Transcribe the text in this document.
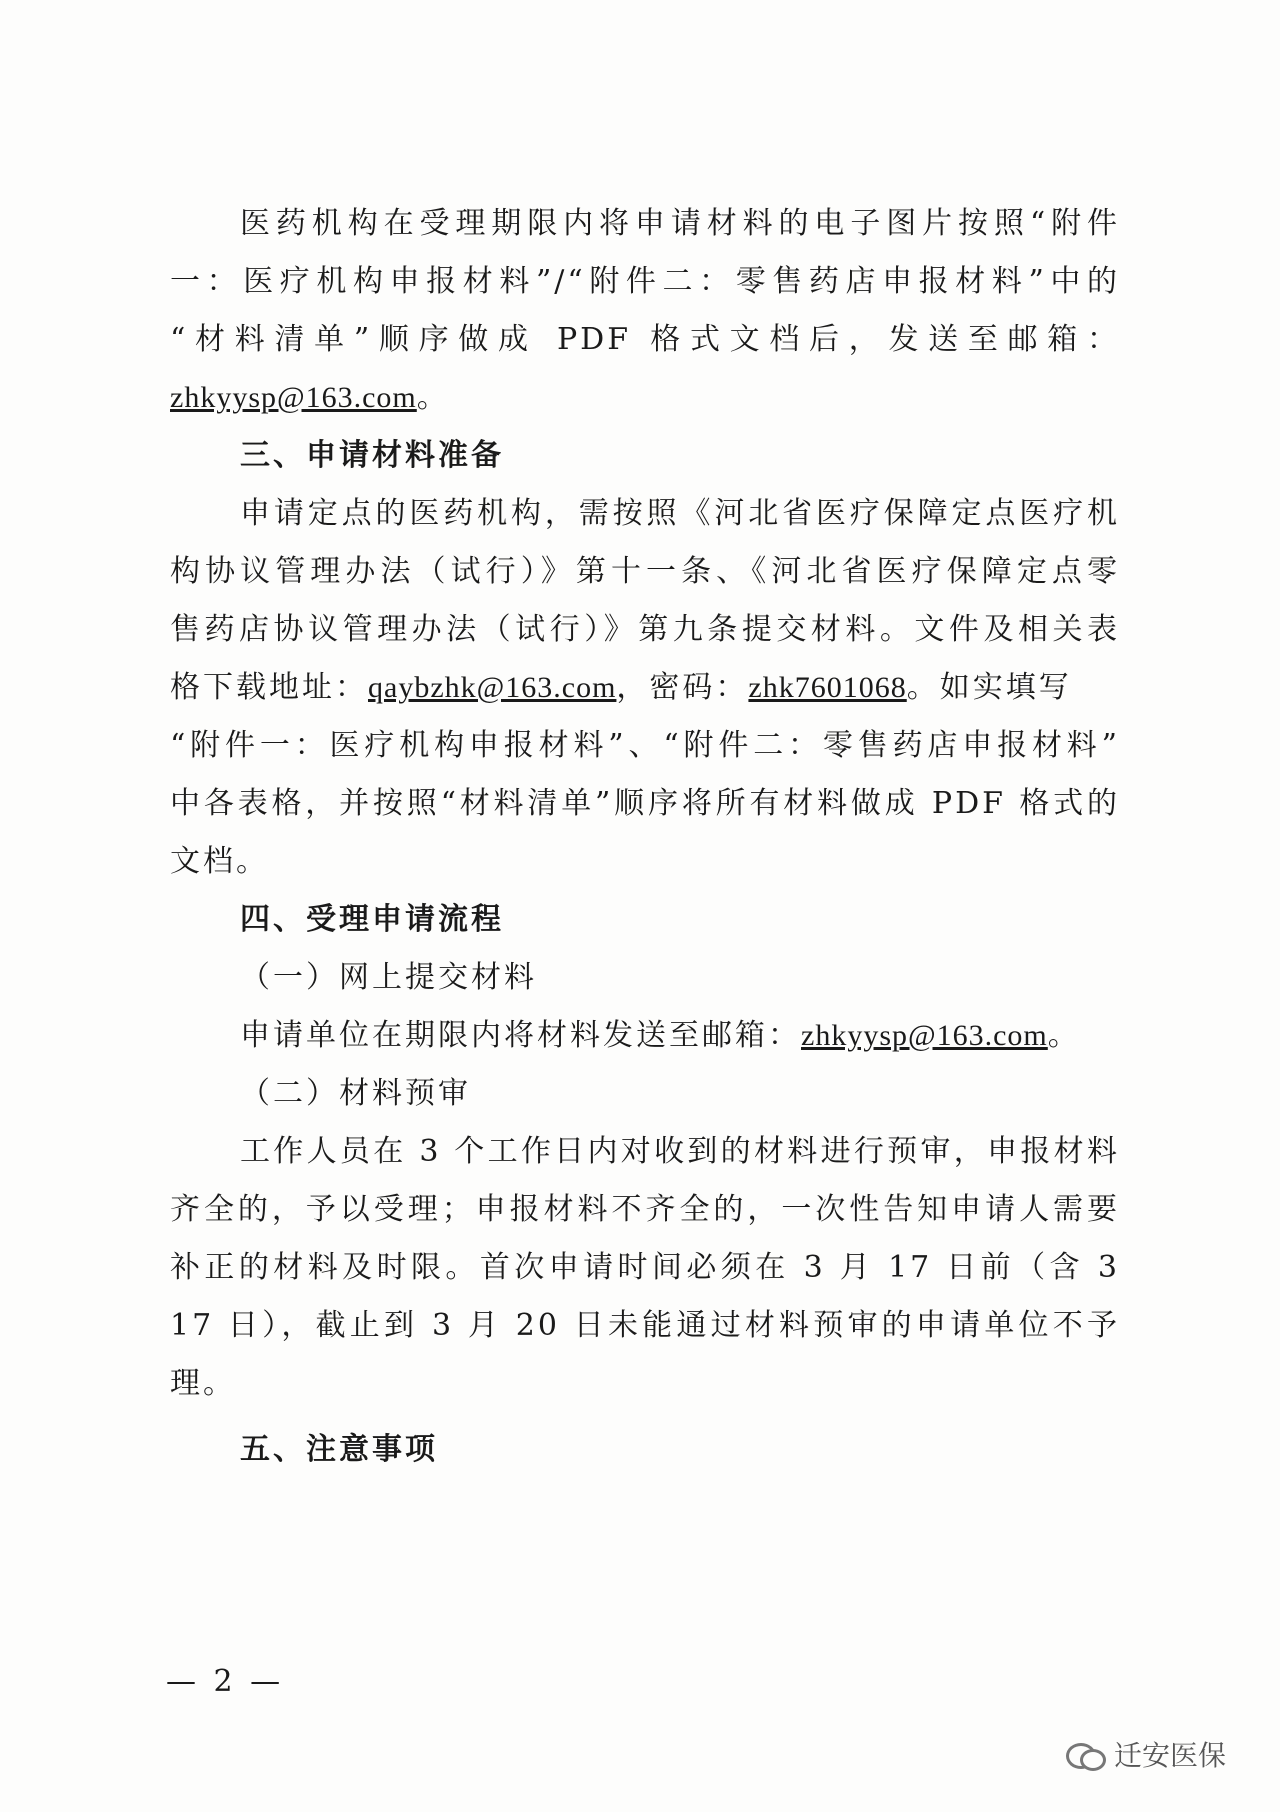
医药机构在受理期限内将申请材料的电子图片按照“附件
一：医疗机构申报材料”/“附件二：零售药店申报材料”中的
“材料清单”顺序做成 PDF 格式文档后，发送至邮箱：
zhkyysp@163.com。
三、申请材料准备
申请定点的医药机构，需按照《河北省医疗保障定点医疗机
构协议管理办法（试行）》第十一条、《河北省医疗保障定点零
售药店协议管理办法（试行）》第九条提交材料。文件及相关表
格下载地址：qaybzhk@163.com，密码：zhk7601068。如实填写
“附件一：医疗机构申报材料”、“附件二：零售药店申报材料”
中各表格，并按照“材料清单”顺序将所有材料做成 PDF 格式的
文档。
四、受理申请流程
（一）网上提交材料
申请单位在期限内将材料发送至邮箱：zhkyysp@163.com。
（二）材料预审
工作人员在 3 个工作日内对收到的材料进行预审，申报材料
齐全的，予以受理；申报材料不齐全的，一次性告知申请人需要
补正的材料及时限。首次申请时间必须在 3 月 17 日前（含 3
17 日），截止到 3 月 20 日未能通过材料预审的申请单位不予
理。
五、注意事项
— 2 —
迁安医保
